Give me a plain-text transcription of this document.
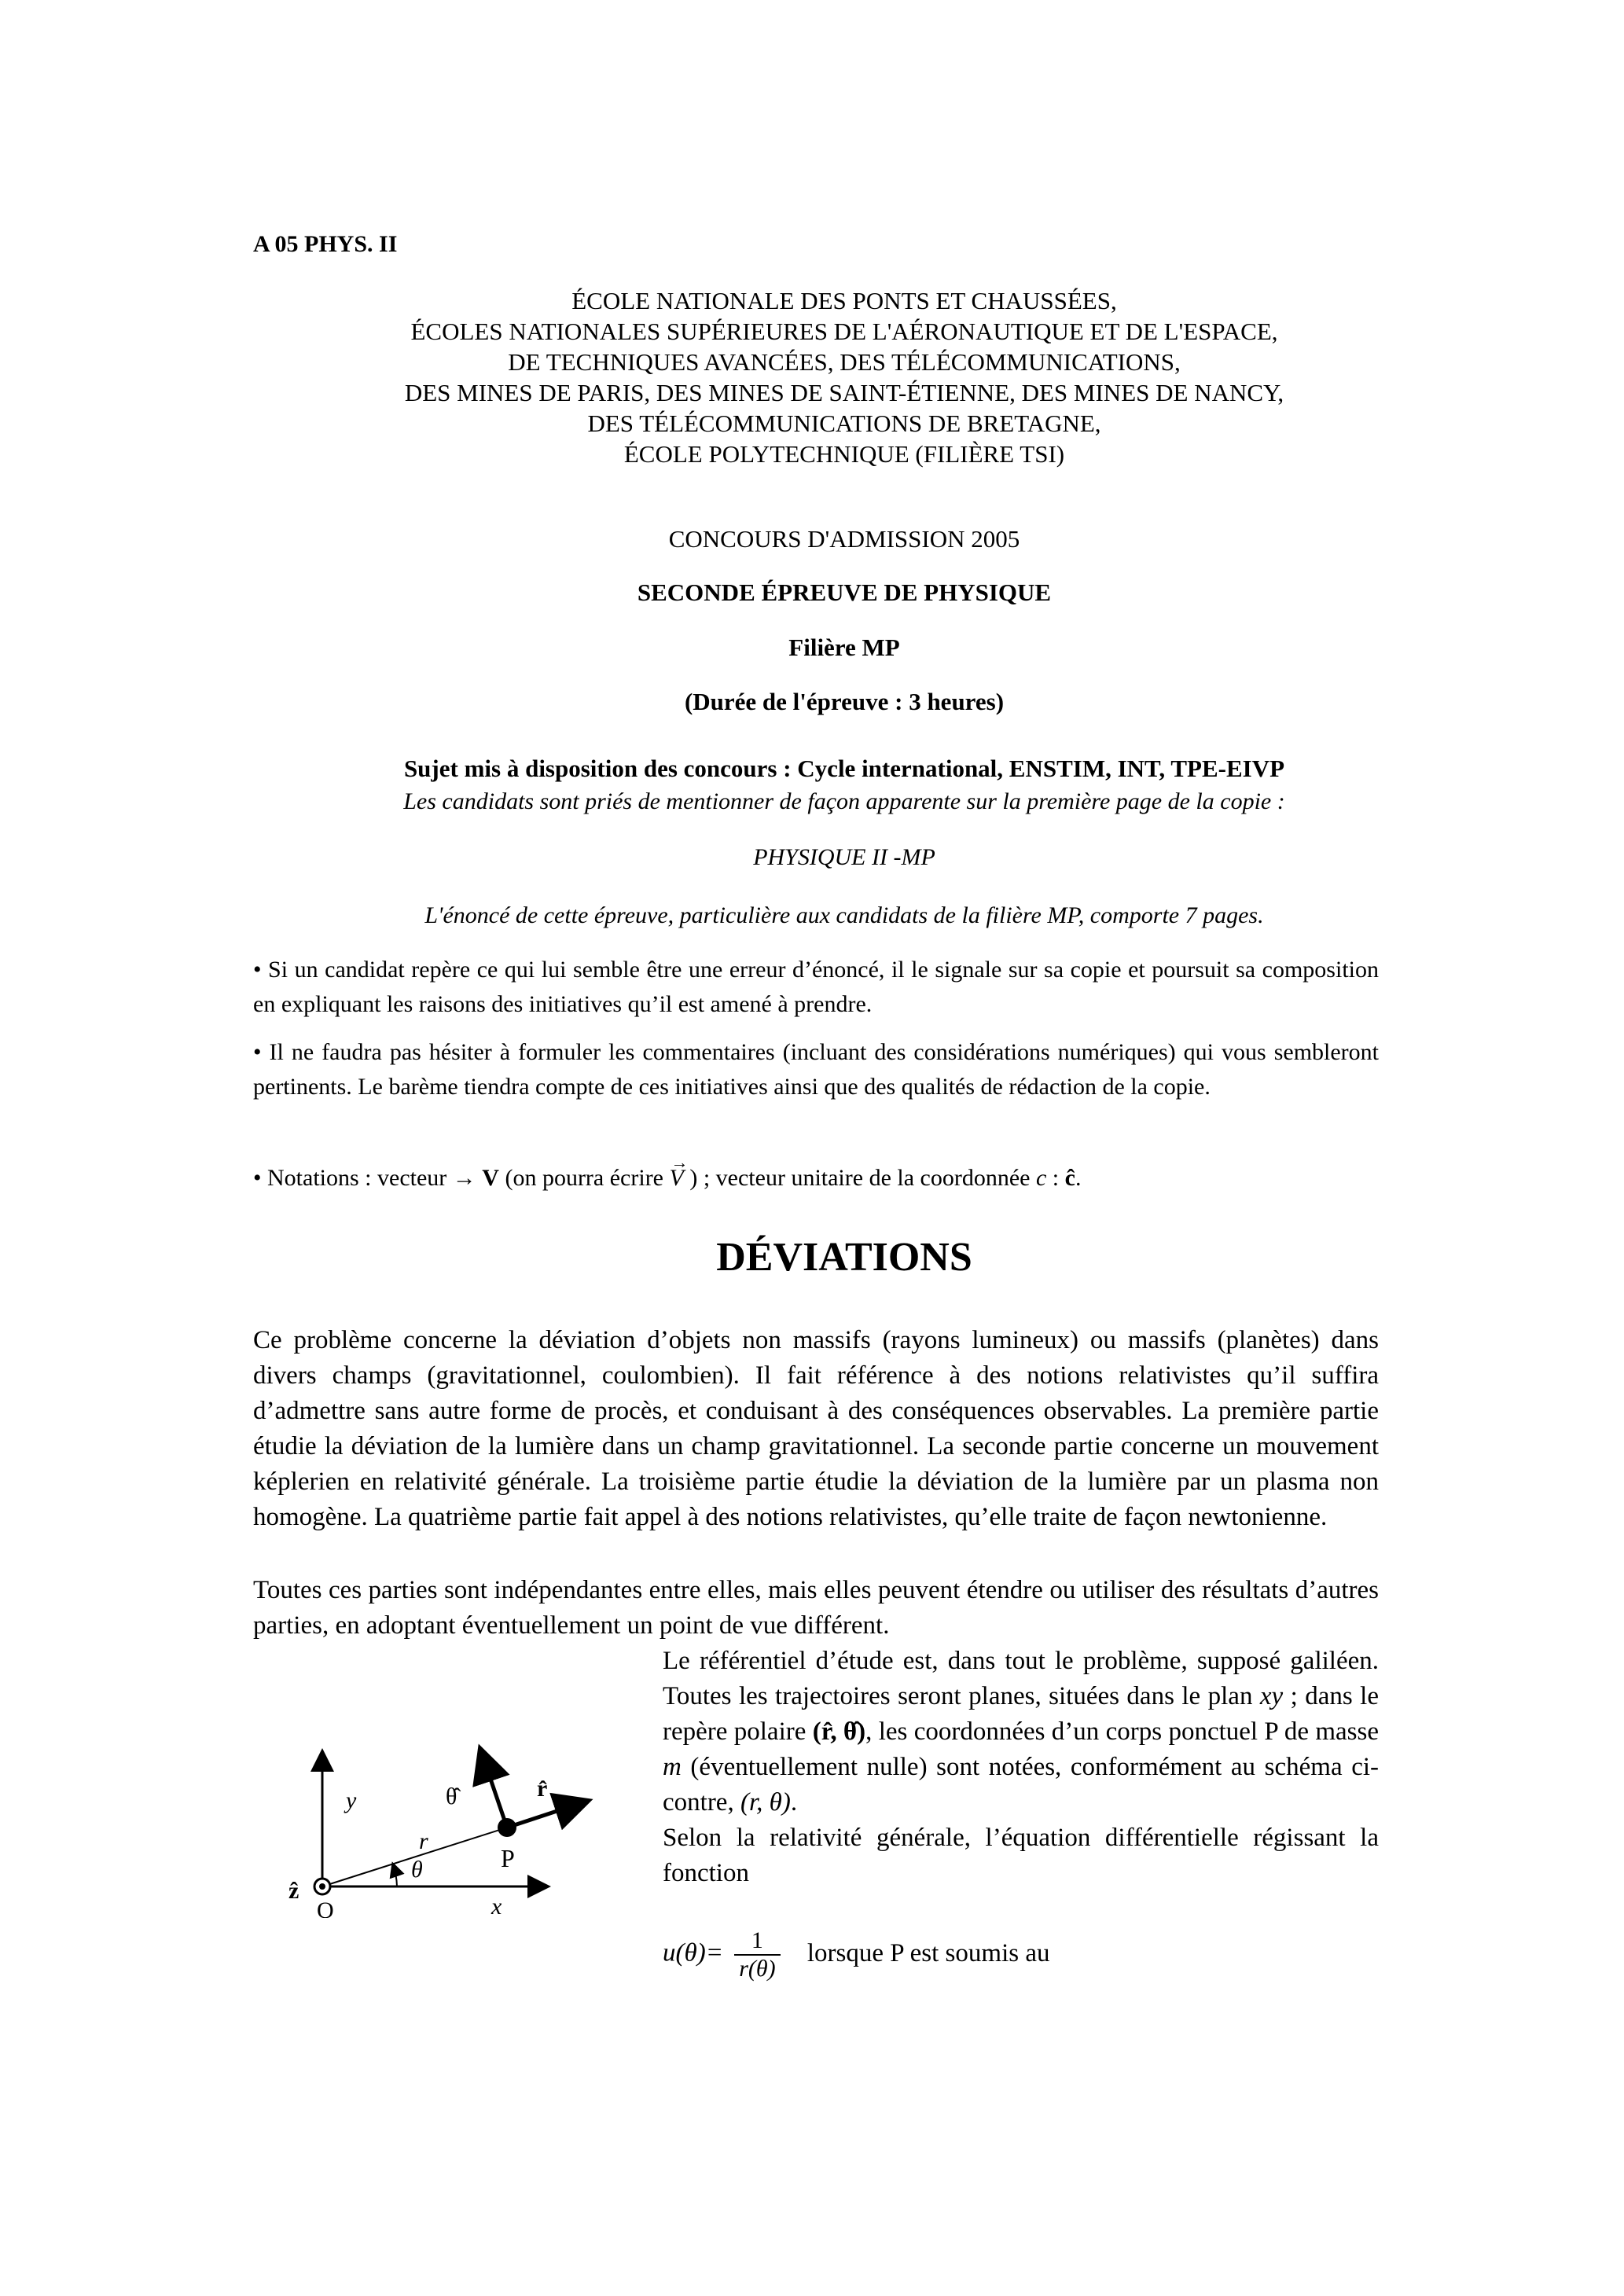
A 05 PHYS. II
ÉCOLE NATIONALE DES PONTS ET CHAUSSÉES,
ÉCOLES NATIONALES SUPÉRIEURES DE L'AÉRONAUTIQUE ET DE L'ESPACE,
DE TECHNIQUES AVANCÉES, DES TÉLÉCOMMUNICATIONS,
DES MINES DE PARIS, DES MINES DE SAINT-ÉTIENNE, DES MINES DE NANCY,
DES TÉLÉCOMMUNICATIONS DE BRETAGNE,
ÉCOLE POLYTECHNIQUE (FILIÈRE TSI)
CONCOURS D'ADMISSION 2005
SECONDE ÉPREUVE DE PHYSIQUE
Filière MP
(Durée de l'épreuve : 3 heures)
Sujet mis à disposition des concours : Cycle international, ENSTIM, INT, TPE-EIVP
Les candidats sont priés de mentionner de façon apparente sur la première page de la copie :
PHYSIQUE II -MP
L'énoncé de cette épreuve, particulière aux candidats de la filière MP, comporte 7 pages.
• Si un candidat repère ce qui lui semble être une erreur d’énoncé, il le signale sur sa copie et poursuit sa composition en expliquant les raisons des initiatives qu’il est amené à prendre.
• Il ne faudra pas hésiter à formuler les commentaires (incluant des considérations numériques) qui vous sembleront pertinents. Le barème tiendra compte de ces initiatives ainsi que des qualités de rédaction de la copie.
• Notations : vecteur → V (on pourra écrire
→
V ) ; vecteur unitaire de la coordonnée c : ĉ.
DÉVIATIONS
Ce problème concerne la déviation d’objets non massifs (rayons lumineux) ou massifs (planètes) dans divers champs (gravitationnel, coulombien). Il fait référence à des notions relativistes qu’il suffira d’admettre sans autre forme de procès, et conduisant à des conséquences observables. La première partie étudie la déviation de la lumière dans un champ gravitationnel. La seconde partie concerne un mouvement képlerien en relativité générale. La troisième partie étudie la déviation de la lumière par un plasma non homogène. La quatrième partie fait appel à des notions relativistes, qu’elle traite de façon newtonienne.
Toutes ces parties sont indépendantes entre elles, mais elles peuvent étendre ou utiliser des résultats d’autres parties, en adoptant éventuellement un point de vue différent.
Le référentiel d’étude est, dans tout le problème, supposé galiléen. Toutes les trajectoires seront planes, situées dans le plan xy ; dans le repère polaire (r̂, θ̂), les coordonnées d’un corps ponctuel P de masse m (éventuellement nulle) sont notées, conformément au schéma ci-contre, (r, θ).
Selon la relativité générale, l’équation différentielle régissant la fonction
$u(\theta)= \frac{1}{r(\theta)}$ lorsque P est soumis au
y	θ̂	r̂
r
P
θ
ẑ
O	x
